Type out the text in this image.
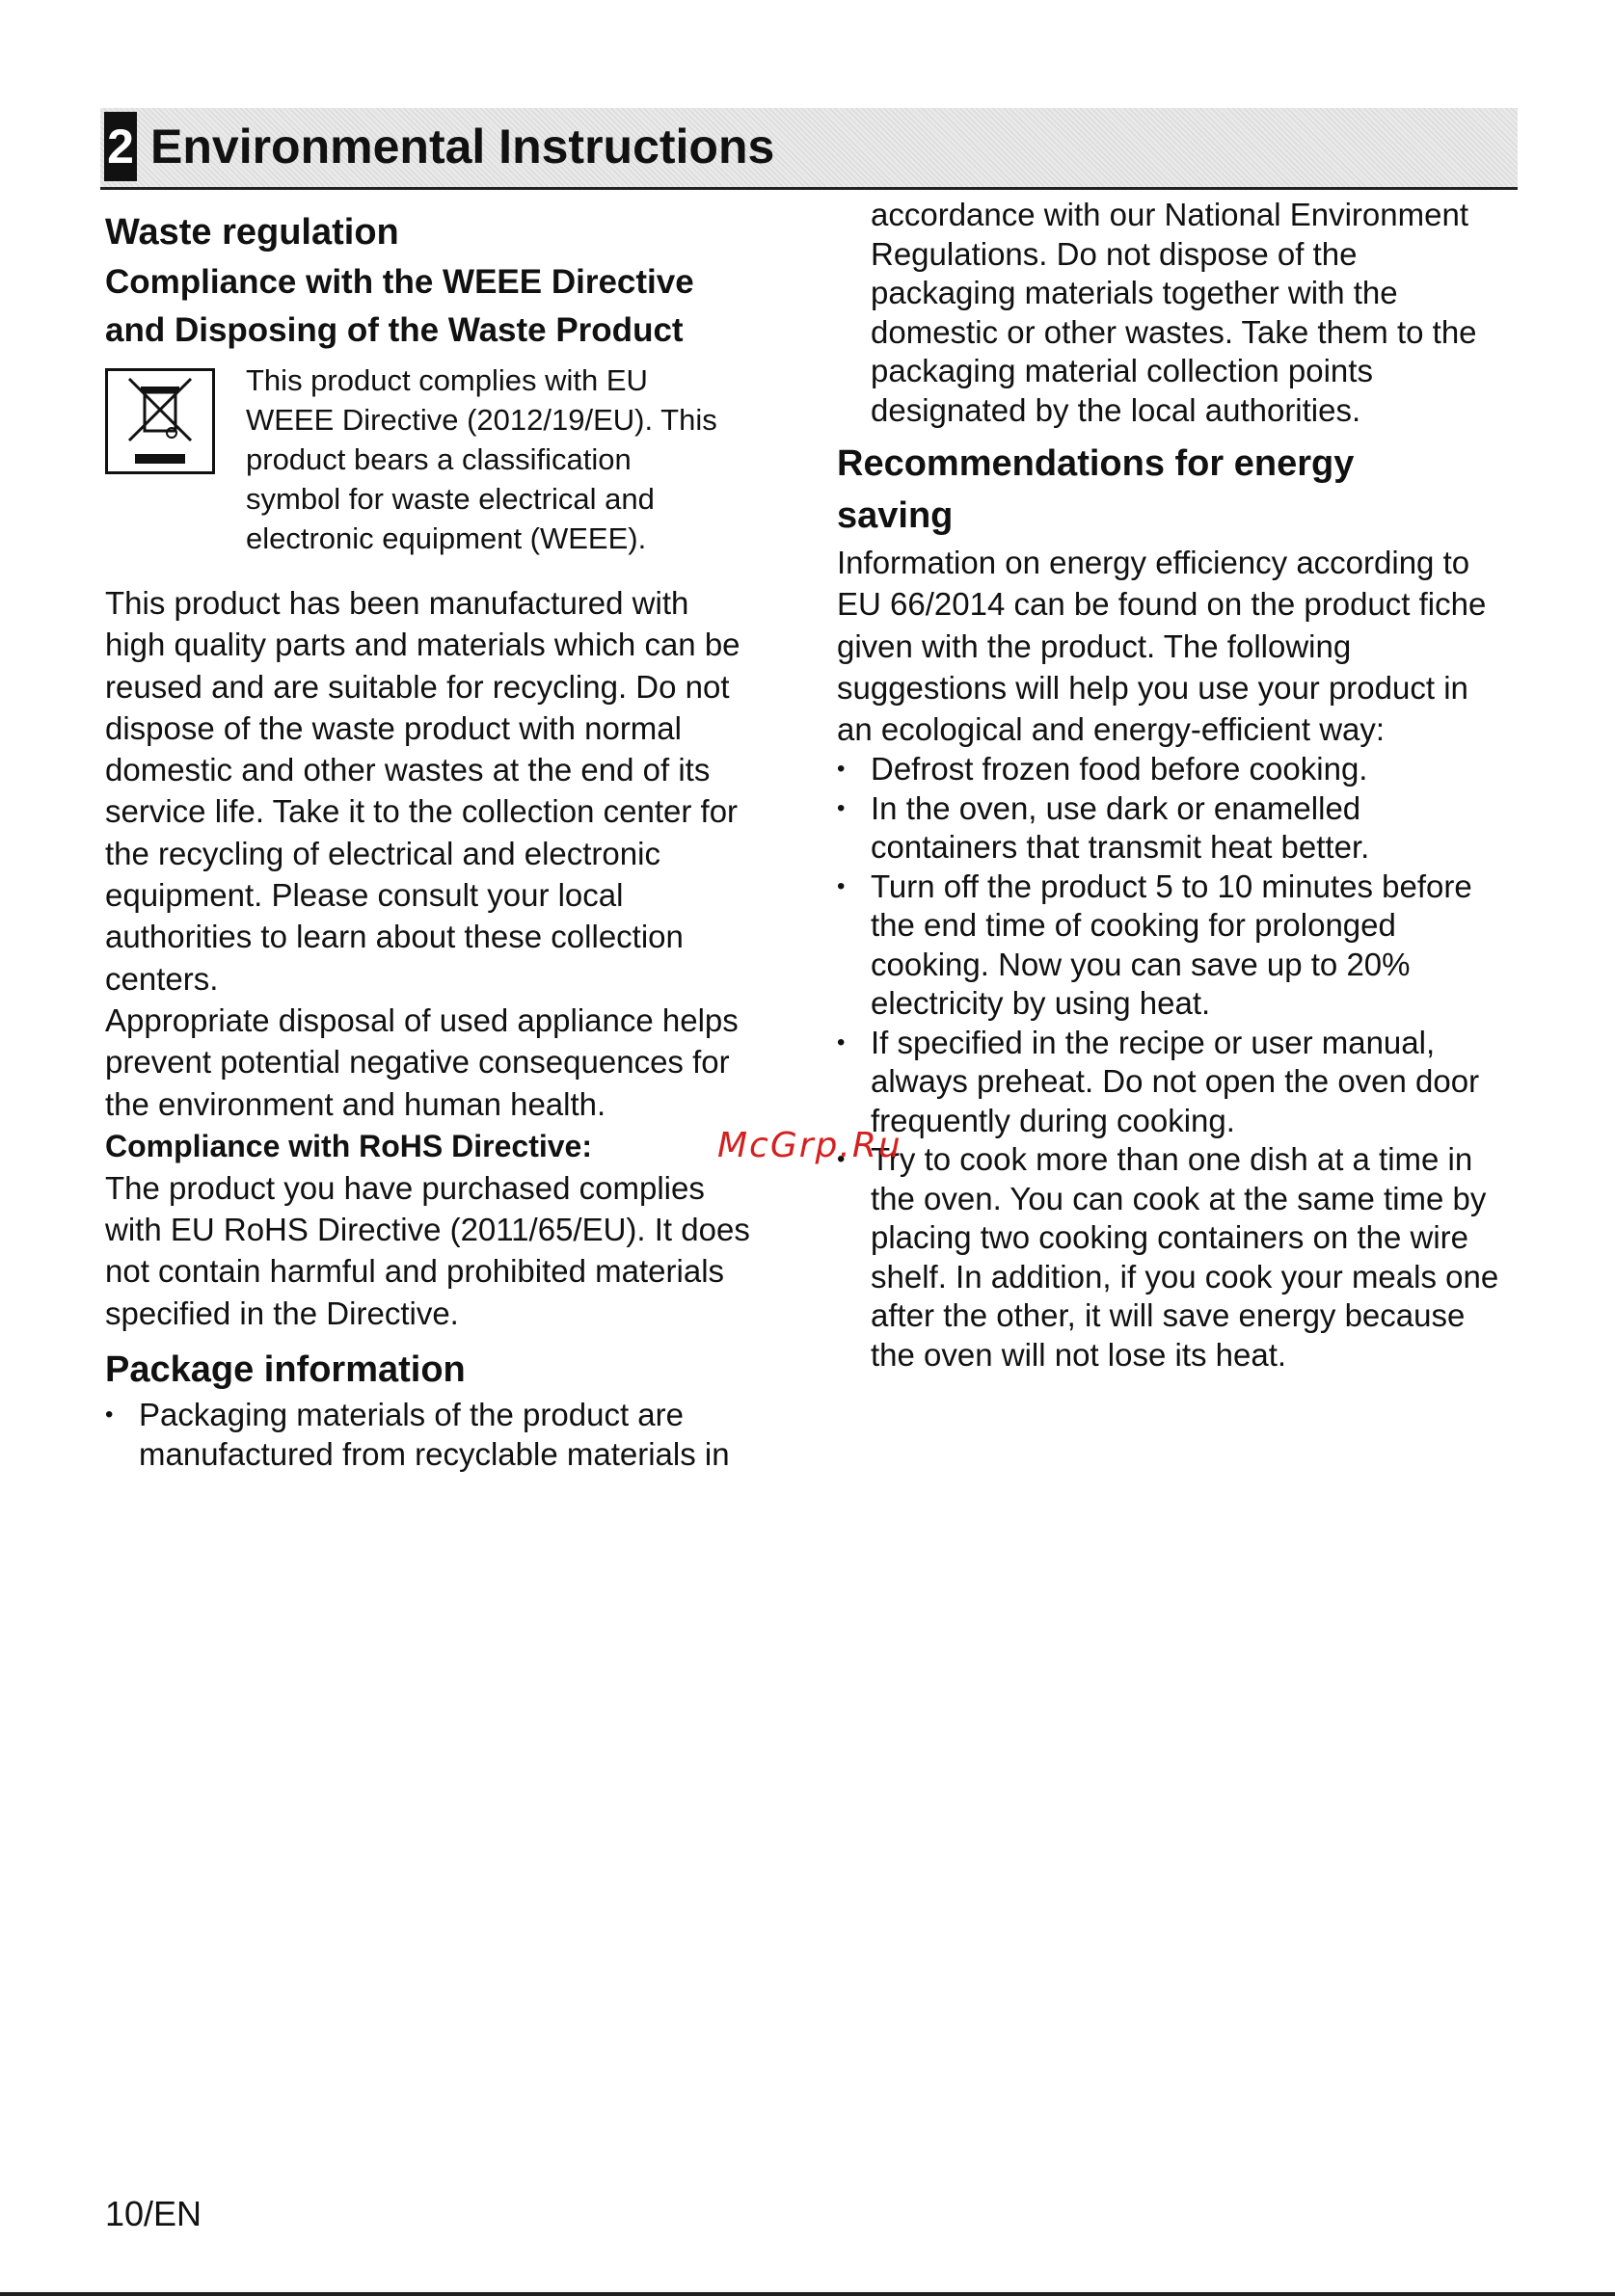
2 Environmental Instructions
Waste regulation
Compliance with the WEEE Directive
and Disposing of the Waste Product
This product complies with EU
WEEE Directive (2012/19/EU). This
product bears a classification
symbol for waste electrical and
electronic equipment (WEEE).
This product has been manufactured with
high quality parts and materials which can be
reused and are suitable for recycling. Do not
dispose of the waste product with normal
domestic and other wastes at the end of its
service life. Take it to the collection center for
the recycling of electrical and electronic
equipment. Please consult your local
authorities to learn about these collection
centers.
Appropriate disposal of used appliance helps
prevent potential negative consequences for
the environment and human health.
Compliance with RoHS Directive:
The product you have purchased complies
with EU RoHS Directive (2011/65/EU). It does
not contain harmful and prohibited materials
specified in the Directive.
Package information
• Packaging materials of the product are
manufactured from recyclable materials in
accordance with our National Environment
Regulations. Do not dispose of the
packaging materials together with the
domestic or other wastes. Take them to the
packaging material collection points
designated by the local authorities.
Recommendations for energy
saving
Information on energy efficiency according to
EU 66/2014 can be found on the product fiche
given with the product. The following
suggestions will help you use your product in
an ecological and energy-efficient way:
• Defrost frozen food before cooking.
• In the oven, use dark or enamelled
containers that transmit heat better.
• Turn off the product 5 to 10 minutes before
the end time of cooking for prolonged
cooking. Now you can save up to 20%
electricity by using heat.
• If specified in the recipe or user manual,
always preheat. Do not open the oven door
frequently during cooking.
• Try to cook more than one dish at a time in
the oven. You can cook at the same time by
placing two cooking containers on the wire
shelf. In addition, if you cook your meals one
after the other, it will save energy because
the oven will not lose its heat.
McGrp.Ru
10/EN
